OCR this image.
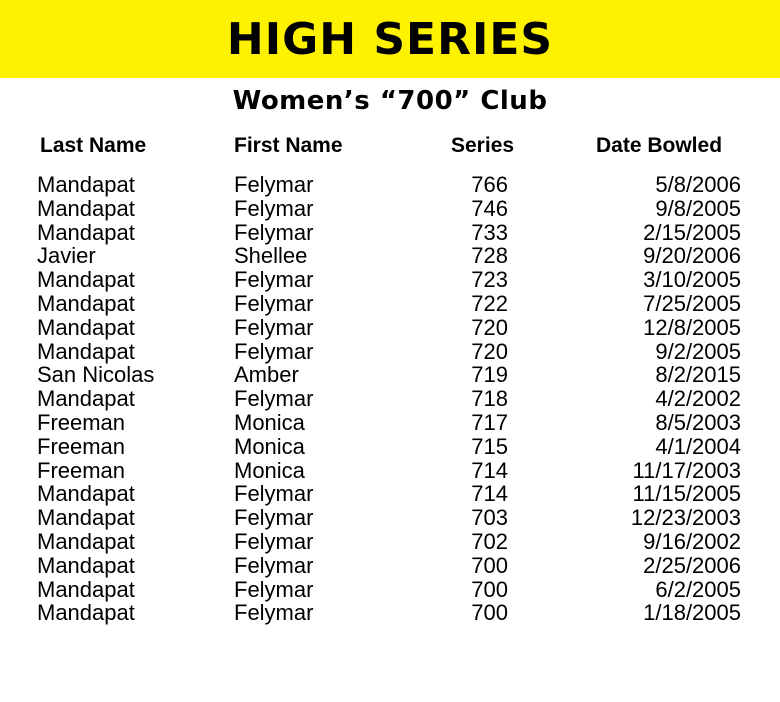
HIGH SERIES
Women’s “700” Club
Last Name	First Name	Series	Date Bowled
Mandapat	Felymar	766	5/8/2006
Mandapat	Felymar	746	9/8/2005
Mandapat	Felymar	733	2/15/2005
Javier	Shellee	728	9/20/2006
Mandapat	Felymar	723	3/10/2005
Mandapat	Felymar	722	7/25/2005
Mandapat	Felymar	720	12/8/2005
Mandapat	Felymar	720	9/2/2005
San Nicolas	Amber	719	8/2/2015
Mandapat	Felymar	718	4/2/2002
Freeman	Monica	717	8/5/2003
Freeman	Monica	715	4/1/2004
Freeman	Monica	714	11/17/2003
Mandapat	Felymar	714	11/15/2005
Mandapat	Felymar	703	12/23/2003
Mandapat	Felymar	702	9/16/2002
Mandapat	Felymar	700	2/25/2006
Mandapat	Felymar	700	6/2/2005
Mandapat	Felymar	700	1/18/2005
